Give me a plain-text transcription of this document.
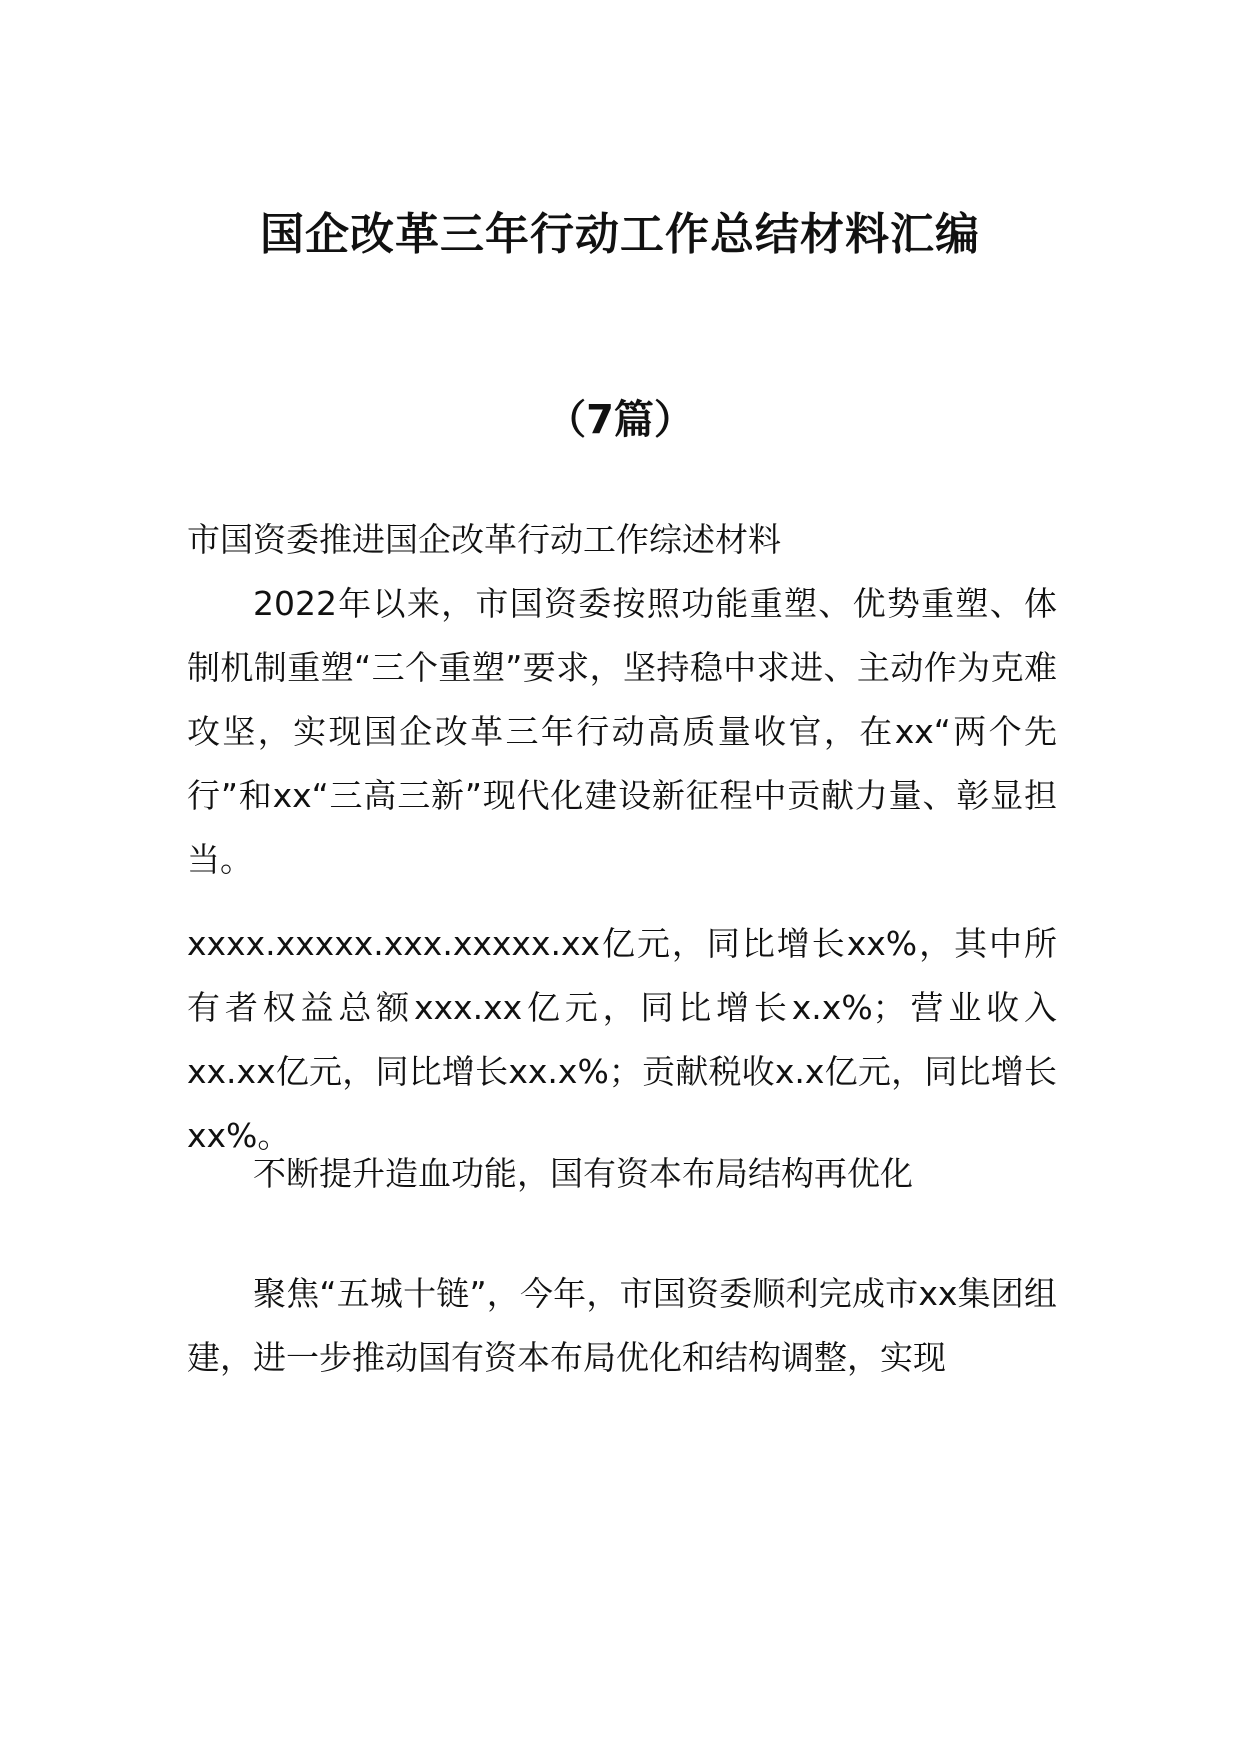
国企改革三年行动工作总结材料汇编
（7篇）
市国资委推进国企改革行动工作综述材料
2022年以来，市国资委按照功能重塑、优势重塑、体制机制重塑“三个重塑”要求，坚持稳中求进、主动作为克难攻坚，实现国企改革三年行动高质量收官，在xx“两个先行”和xx“三高三新”现代化建设新征程中贡献力量、彰显担当。
xxxx.xxxxx.xxx.xxxxx.xx亿元，同比增长xx%，其中所有者权益总额xxx.xx亿元，同比增长x.x%；营业收入xx.xx亿元，同比增长xx.x%；贡献税收x.x亿元，同比增长xx%。
不断提升造血功能，国有资本布局结构再优化
聚焦“五城十链”，今年，市国资委顺利完成市xx集团组建，进一步推动国有资本布局优化和结构调整，实现
